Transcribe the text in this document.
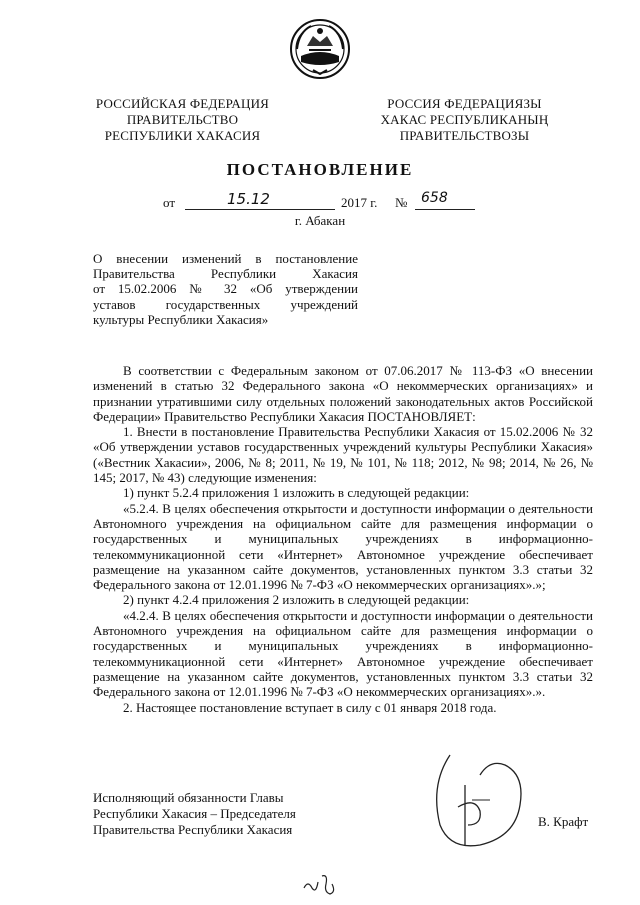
РОССИЙСКАЯ ФЕДЕРАЦИЯ
ПРАВИТЕЛЬСТВО
РЕСПУБЛИКИ ХАКАСИЯ
РОССИЯ ФЕДЕРАЦИЯЗЫ
ХАКАС РЕСПУБЛИКАНЫҢ
ПРАВИТЕЛЬСТВОЗЫ
ПОСТАНОВЛЕНИЕ
от	15.12	2017 г. № 658
г. Абакан
О внесении изменений в постановление
Правительства Республики Хакасия
от 15.02.2006 № 32 «Об утверждении
уставов государственных учреждений
культуры Республики Хакасия»

В соответствии с Федеральным законом от 07.06.2017 № 113-ФЗ «О внесении изменений в статью 32 Федерального закона «О некоммерческих организациях» и признании утратившими силу отдельных положений законодательных актов Российской Федерации» Правительство Республики Хакасия ПОСТАНОВЛЯЕТ:

1. Внести в постановление Правительства Республики Хакасия от 15.02.2006 № 32 «Об утверждении уставов государственных учреждений культуры Республики Хакасия» («Вестник Хакасии», 2006, № 8; 2011, № 19, № 101, № 118; 2012, № 98; 2014, № 26, № 145; 2017, № 43) следующие изменения:

1) пункт 5.2.4 приложения 1 изложить в следующей редакции:

«5.2.4. В целях обеспечения открытости и доступности информации о деятельности Автономного учреждения на официальном сайте для размещения информации о государственных и муниципальных учреждениях в информационно-телекоммуникационной сети «Интернет» Автономное учреждение обеспечивает размещение на указанном сайте документов, установленных пунктом 3.3 статьи 32 Федерального закона от 12.01.1996 № 7-ФЗ «О некоммерческих организациях».»;

2) пункт 4.2.4 приложения 2 изложить в следующей редакции:

«4.2.4. В целях обеспечения открытости и доступности информации о деятельности Автономного учреждения на официальном сайте для размещения информации о государственных и муниципальных учреждениях в информационно-телекоммуникационной сети «Интернет» Автономное учреждение обеспечивает размещение на указанном сайте документов, установленных пунктом 3.3 статьи 32 Федерального закона от 12.01.1996 № 7-ФЗ «О некоммерческих организациях».».

2. Настоящее постановление вступает в силу с 01 января 2018 года.

Исполняющий обязанности Главы
Республики Хакасия – Председателя
Правительства Республики Хакасия
В. Крафт
